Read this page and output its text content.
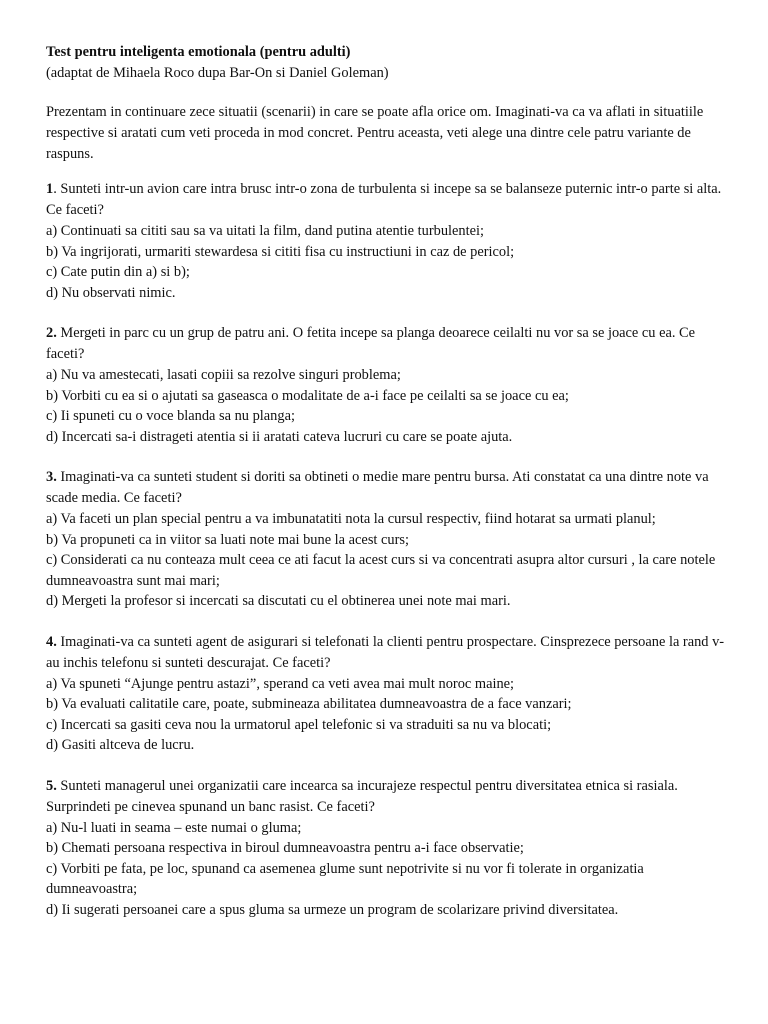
Test pentru inteligenta emotionala (pentru adulti)

(adaptat de Mihaela Roco dupa Bar-On si Daniel Goleman)

Prezentam in continuare zece situatii (scenarii) in care se poate afla orice om. Imaginati-va ca va aflati in situatiile respective si aratati cum veti proceda in mod concret. Pentru aceasta, veti alege una dintre cele patru variante de raspuns.

1. Sunteti intr-un avion care intra brusc intr-o zona de turbulenta si incepe sa se balanseze puternic intr-o parte si alta. Ce faceti?

a) Continuati sa cititi sau sa va uitati la film, dand putina atentie turbulentei;
b) Va ingrijorati, urmariti stewardesa si cititi fisa cu instructiuni in caz de pericol;
c) Cate putin din a) si b);
d) Nu observati nimic.

2. Mergeti in parc cu un grup de patru ani. O fetita incepe sa planga deoarece ceilalti nu vor sa se joace cu ea. Ce faceti?

a) Nu va amestecati, lasati copiii sa rezolve singuri problema;
b) Vorbiti cu ea si o ajutati sa gaseasca o modalitate de a-i face pe ceilalti sa se joace cu ea;
c) Ii spuneti cu o voce blanda sa nu planga;
d) Incercati sa-i distrageti atentia si ii aratati cateva lucruri cu care se poate ajuta.

3. Imaginati-va ca sunteti student si doriti sa obtineti o medie mare pentru bursa. Ati constatat ca una dintre note va scade media. Ce faceti?

a) Va faceti un plan special pentru a va imbunatatiti nota la cursul respectiv, fiind hotarat sa urmati planul;
b) Va propuneti ca in viitor sa luati note mai bune la acest curs;
c) Considerati ca nu conteaza mult ceea ce ati facut la acest curs si va concentrati asupra altor cursuri , la care notele dumneavoastra sunt mai mari;
d) Mergeti la profesor si incercati sa discutati cu el obtinerea unei note mai mari.

4. Imaginati-va ca sunteti agent de asigurari si telefonati la clienti pentru prospectare. Cinsprezece persoane la rand v-au inchis telefonu si sunteti descurajat. Ce faceti?

a) Va spuneti “Ajunge pentru astazi”, sperand ca veti avea mai mult noroc maine;
b) Va evaluati calitatile care, poate, submineaza abilitatea dumneavoastra de a face vanzari;
c) Incercati sa gasiti ceva nou la urmatorul apel telefonic si va straduiti sa nu va blocati;
d) Gasiti altceva de lucru.

5. Sunteti managerul unei organizatii care incearca sa incurajeze respectul pentru diversitatea etnica si rasiala. Surprindeti pe cinevea spunand un banc rasist. Ce faceti?

a) Nu-l luati in seama – este numai o gluma;
b) Chemati persoana respectiva in biroul dumneavoastra pentru a-i face observatie;
c) Vorbiti pe fata, pe loc, spunand ca asemenea glume sunt nepotrivite si nu vor fi tolerate in organizatia dumneavoastra;
d) Ii sugerati persoanei care a spus gluma sa urmeze un program de scolarizare privind diversitatea.
